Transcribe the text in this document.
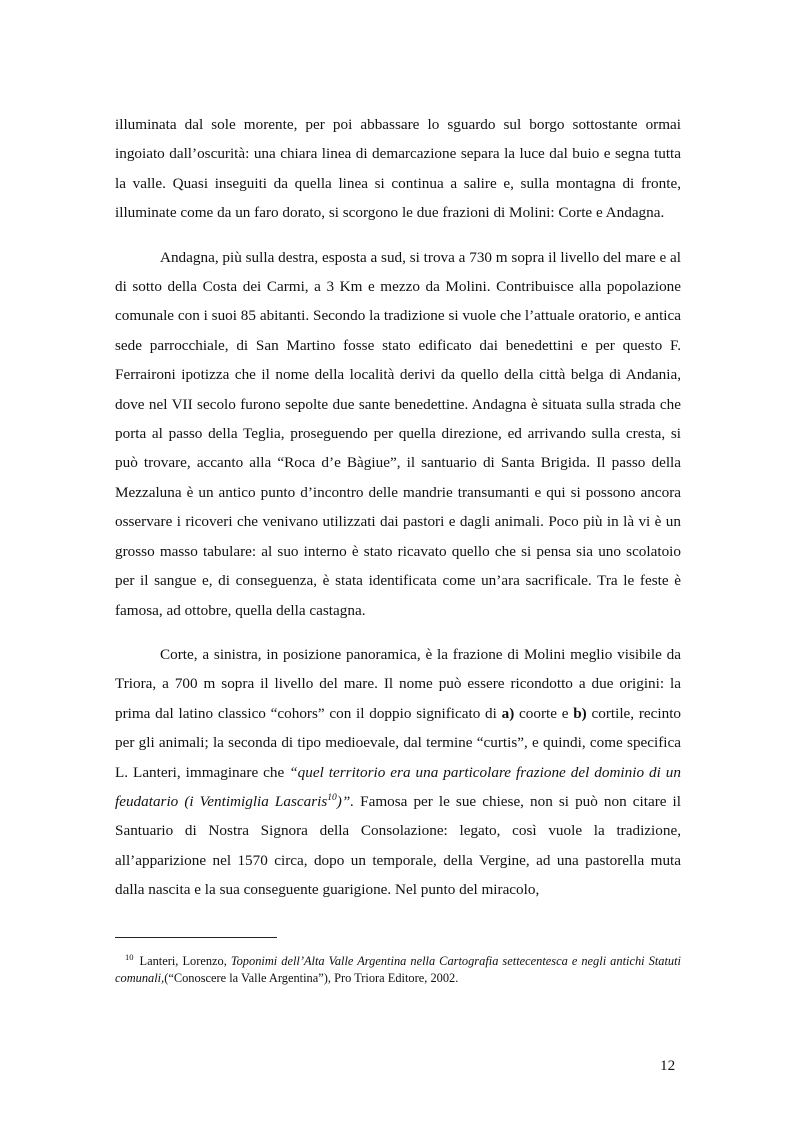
illuminata dal sole morente, per poi abbassare lo sguardo sul borgo sottostante ormai ingoiato dall’oscurità: una chiara linea di demarcazione separa la luce dal buio e segna tutta la valle. Quasi inseguiti da quella linea si continua a salire e, sulla montagna di fronte, illuminate come da un faro dorato, si scorgono le due frazioni di Molini: Corte e Andagna.

Andagna, più sulla destra, esposta a sud, si trova a 730 m sopra il livello del mare e al di sotto della Costa dei Carmi, a 3 Km e mezzo da Molini. Contribuisce alla popolazione comunale con i suoi 85 abitanti. Secondo la tradizione si vuole che l’attuale oratorio, e antica sede parrocchiale, di San Martino fosse stato edificato dai benedettini e per questo F. Ferraironi ipotizza che il nome della località derivi da quello della città belga di Andania, dove nel VII secolo furono sepolte due sante benedettine. Andagna è situata sulla strada che porta al passo della Teglia, proseguendo per quella direzione, ed arrivando sulla cresta, si può trovare, accanto alla “Roca d’e Bàgiue”, il santuario di Santa Brigida. Il passo della Mezzaluna è un antico punto d’incontro delle mandrie transumanti e qui si possono ancora osservare i ricoveri che venivano utilizzati dai pastori e dagli animali. Poco più in là vi è un grosso masso tabulare: al suo interno è stato ricavato quello che si pensa sia uno scolatoio per il sangue e, di conseguenza, è stata identificata come un’ara sacrificale. Tra le feste è famosa, ad ottobre, quella della castagna.

Corte, a sinistra, in posizione panoramica, è la frazione di Molini meglio visibile da Triora, a 700 m sopra il livello del mare. Il nome può essere ricondotto a due origini: la prima dal latino classico “cohors” con il doppio significato di a) coorte e b) cortile, recinto per gli animali; la seconda di tipo medioevale, dal termine “curtis”, e quindi, come specifica L. Lanteri, immaginare che “quel territorio era una particolare frazione del dominio di un feudatario (i Ventimiglia Lascaris$^{10}$)”. Famosa per le sue chiese, non si può non citare il Santuario di Nostra Signora della Consolazione: legato, così vuole la tradizione, all’apparizione nel 1570 circa, dopo un temporale, della Vergine, ad una pastorella muta dalla nascita e la sua conseguente guarigione. Nel punto del miracolo,

$^{10}$ Lanteri, Lorenzo, Toponimi dell’Alta Valle Argentina nella Cartografia settecentesca e negli antichi Statuti comunali,(“Conoscere la Valle Argentina”), Pro Triora Editore, 2002.
12
